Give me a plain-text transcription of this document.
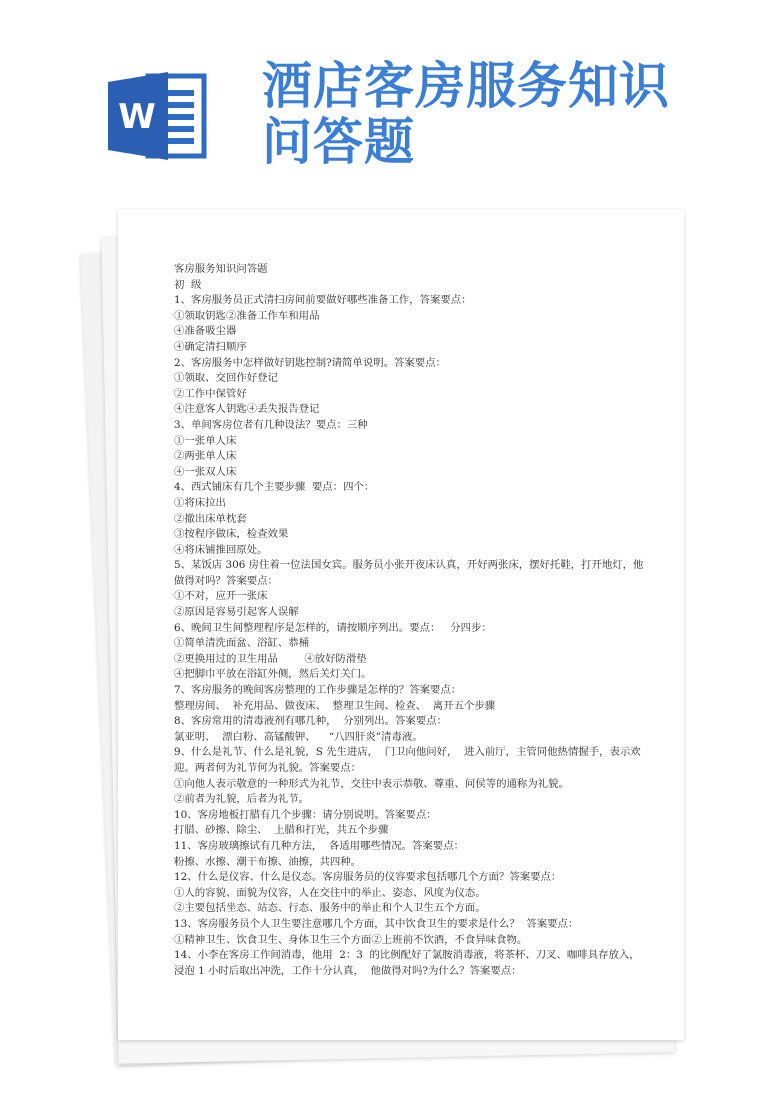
W
酒店客房服务知识
问答题
客房服务知识问答题
初  级
1、客房服务员正式清扫房间前要做好哪些准备工作，答案要点：
①领取钥匙②准备工作车和用品
④准备吸尘器
④确定清扫顺序
2、客房服务中怎样做好钥匙控制?请简单说明。答案要点：
①领取、交回作好登记
②工作中保管好
④注意客人钥匙④丢失报告登记
3、单间客房位者有几种设法？要点：三种
①一张单人床
②两张单人床
④一张双人床
4、西式铺床有几个主要步骤  要点：四个：
①将床拉出
②撤出床单枕套
③按程序做床，检查效果
④将床铺推回原处。
5、某饭店 306 房住着一位法国女宾。服务员小张开夜床认真，开好两张床，摆好托鞋，打开地灯，他做得对吗？答案要点：
①不对，应开一张床
②原因是容易引起客人误解
6、晚间卫生间整理程序是怎样的，请按顺序列出。要点：   分四步：
①简单清洗面盆、浴缸、恭桶
②更换用过的卫生用品        ④放好防滑垫
④把脚巾平放在浴缸外侧，然后关灯关门。
7、客房服务的晚间客房整理的工作步骤是怎样的？答案要点：
整理房间、  补充用品、做夜床、  整理卫生间、检查、  离开五个步骤
8、客房常用的清毒液剂有哪几种，  分别列出。答案要点：
氯亚明、  漂白粉、高锰酸钾、    “八四肝炎”清毒液。
9、什么是礼节、什么是礼貌，S 先生进店，  门卫向他问好，  进入前厅，主管同他热情握手，表示欢迎。两者何为礼节何为礼貌。答案要点：
①向他人表示敬意的一种形式为礼节，交往中表示恭敬、尊重、问侯等的通称为礼貌。
②前者为礼貌，后者为礼节。
10、客房地板打腊有几个步骤：请分别说明。答案要点：
打腊、砂擦、除尘、  上腊和打光，共五个步骤
11、客房玻璃擦试有几种方法，  各适用哪些情况。答案要点：
粉擦、水擦、潮干布擦、油擦，共四种。
12、什么是仪容、什么是仪态。客房服务员的仪容要求包括哪几个方面？答案要点：
①人的容貌、面貌为仪容，人在交往中的举止、姿态、风度为仪态。
②主要包括坐态、站态、行态、服务中的举止和个人卫生五个方面。
13、客房服务员个人卫生要注意哪几个方面，其中饮食卫生的要求是什么？  答案要点：
①精神卫生、饮食卫生、身体卫生三个方面②上班前不饮酒，不食异味食物。
14、小李在客房工作间消毒，他用  2：3  的比例配好了氯胺消毒液，将茶杯、刀叉、咖啡具存放入，浸泡 1 小时后取出冲洗，工作十分认真，  他做得对吗?为什么？答案要点：
